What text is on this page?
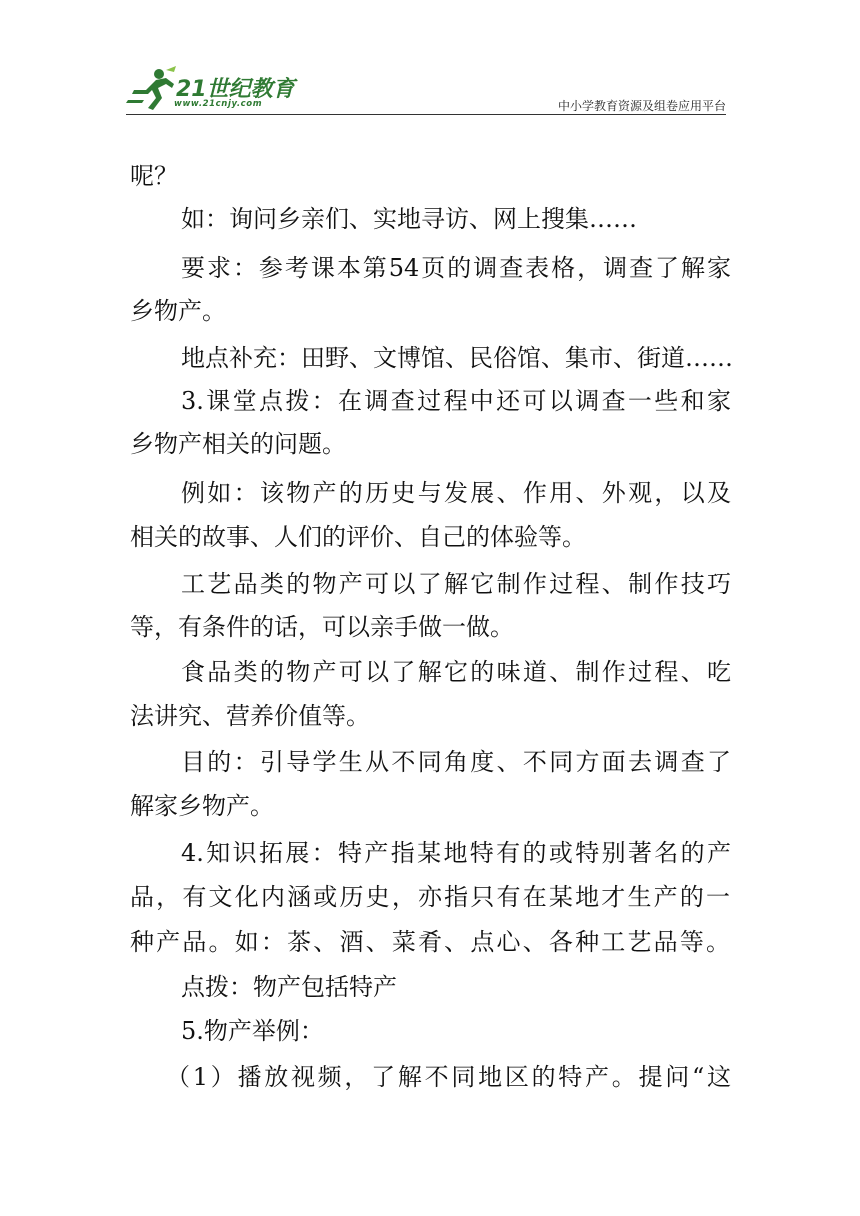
21世纪教育
www.21cnjy.com	中小学教育资源及组卷应用平台
呢？
如：询问乡亲们、实地寻访、网上搜集……
要求：参考课本第54页的调查表格，调查了解家
乡物产。
地点补充：田野、文博馆、民俗馆、集市、街道……
3.课堂点拨：在调查过程中还可以调查一些和家
乡物产相关的问题。
例如：该物产的历史与发展、作用、外观，以及
相关的故事、人们的评价、自己的体验等。
工艺品类的物产可以了解它制作过程、制作技巧
等，有条件的话，可以亲手做一做。
食品类的物产可以了解它的味道、制作过程、吃
法讲究、营养价值等。
目的：引导学生从不同角度、不同方面去调查了
解家乡物产。
4.知识拓展：特产指某地特有的或特别著名的产
品，有文化内涵或历史，亦指只有在某地才生产的一
种产品。如：茶、酒、菜肴、点心、各种工艺品等。
点拨：物产包括特产
5.物产举例：
（1）播放视频，了解不同地区的特产。提问“这
